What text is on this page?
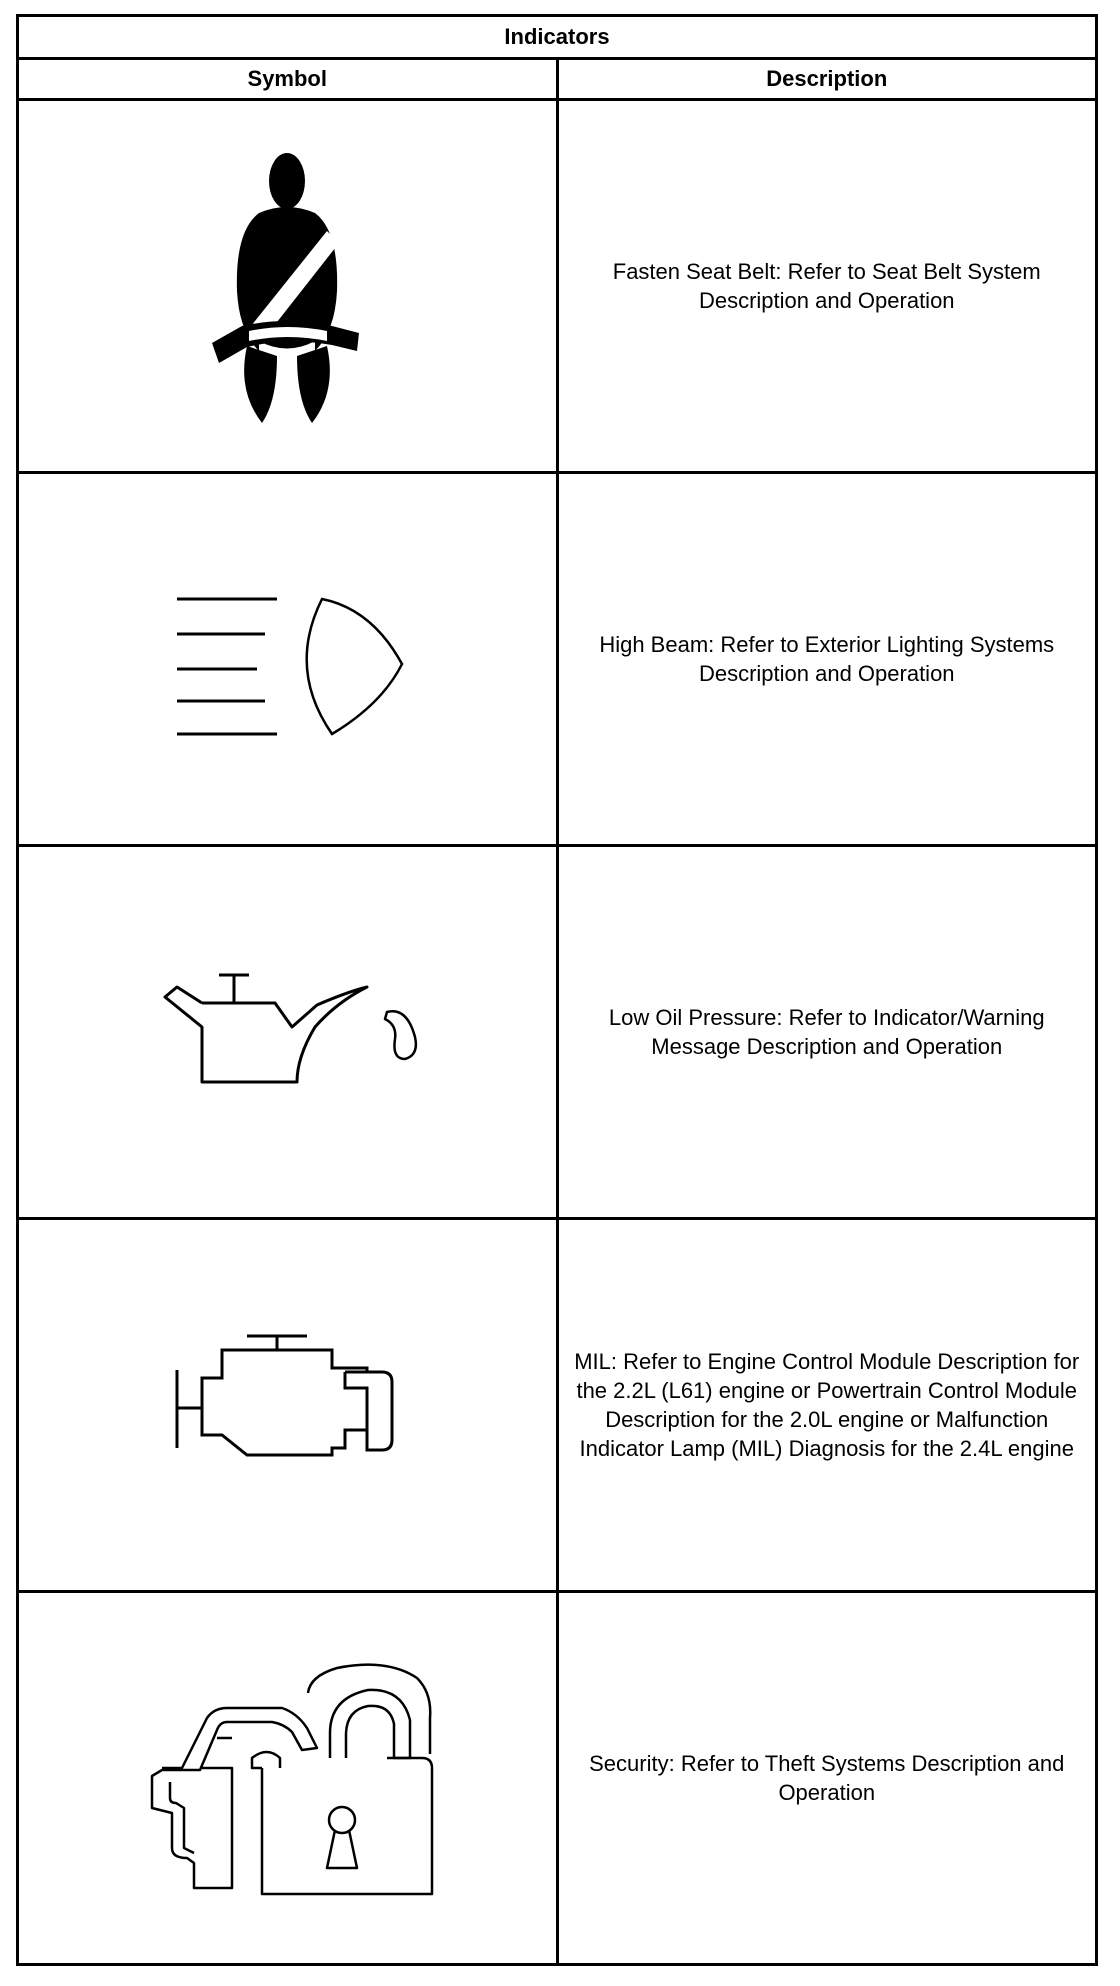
Indicators	
Symbol	Description

	Fasten Seat Belt: Refer to Seat Belt System Description and Operation

	High Beam: Refer to Exterior Lighting Systems Description and Operation

	Low Oil Pressure: Refer to Indicator/Warning Message Description and Operation

	MIL: Refer to Engine Control Module Description for the 2.2L (L61) engine or Powertrain Control Module Description for the 2.0L engine or Malfunction Indicator Lamp (MIL) Diagnosis for the 2.4L engine

	Security: Refer to Theft Systems Description and Operation
